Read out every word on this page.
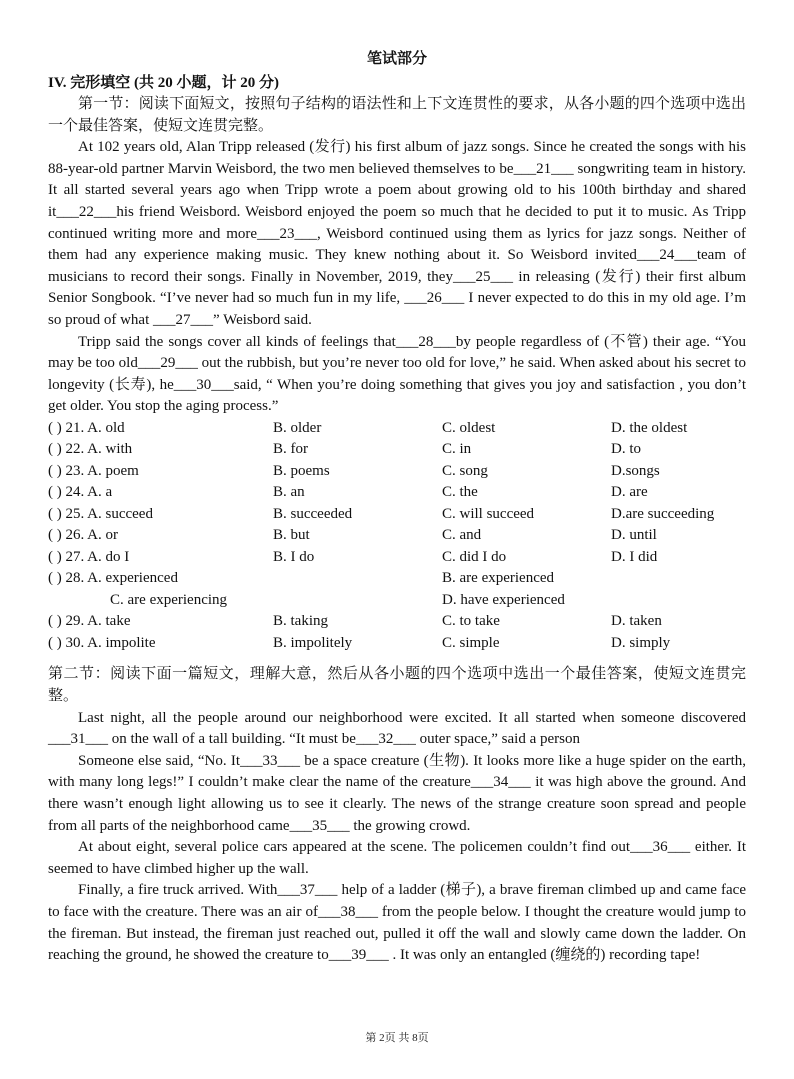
笔试部分
IV. 完形填空 (共 20 小题，计 20 分)

第一节：阅读下面短文，按照句子结构的语法性和上下文连贯性的要求，从各小题的四个选项中选出一个最佳答案，使短文连贯完整。

At 102 years old, Alan Tripp released (发行) his first album of jazz songs. Since he created the songs with his 88-year-old partner Marvin Weisbord, the two men believed themselves to be___21___ songwriting team in history. It all started several years ago when Tripp wrote a poem about growing old to his 100th birthday and shared it___22___his friend Weisbord. Weisbord enjoyed the poem so much that he decided to put it to music. As Tripp continued writing more and more___23___, Weisbord continued using them as lyrics for jazz songs. Neither of them had any experience making music. They knew nothing about it. So Weisbord invited___24___team of musicians to record their songs. Finally in November, 2019, they___25___ in releasing (发行) their first album Senior Songbook. “I’ve never had so much fun in my life, ___26___ I never expected to do this in my old age. I’m so proud of what ___27___” Weisbord said.

Tripp said the songs cover all kinds of feelings that___28___by people regardless of (不管) their age. “You may be too old___29___ out the rubbish, but you’re never too old for love,” he said. When asked about his secret to longevity (长寿), he___30___said, “ When you’re doing something that gives you joy and satisfaction , you don’t get older. You stop the aging process.”

( ) 21. A. old	B. older	C. oldest	D. the oldest
( ) 22. A. with	B. for	C. in	D. to
( ) 23. A. poem	B. poems	C. song	D.songs
( ) 24. A. a	B. an	C. the	D. are
( ) 25. A. succeed	B. succeeded	C. will succeed	D.are succeeding
( ) 26. A. or	B. but	C. and	D. until
( ) 27. A. do I	B. I do	C. did I do	D. I did
( ) 28. A. experienced	B. are experienced
C. are experiencing	D. have experienced
( ) 29. A. take	B. taking	C. to take	D. taken
( ) 30. A. impolite	B. impolitely	C. simple	D. simply

第二节：阅读下面一篇短文，理解大意，然后从各小题的四个选项中选出一个最佳答案，使短文连贯完整。

Last night, all the people around our neighborhood were excited. It all started when someone discovered ___31___ on the wall of a tall building. “It must be___32___ outer space,” said a person

Someone else said, “No. It___33___ be a space creature (生物). It looks more like a huge spider on the earth, with many long legs!” I couldn’t make clear the name of the creature___34___ it was high above the ground. And there wasn’t enough light allowing us to see it clearly. The news of the strange creature soon spread and people from all parts of the neighborhood came___35___ the growing crowd.

At about eight, several police cars appeared at the scene. The policemen couldn’t find out___36___ either. It seemed to have climbed higher up the wall.

Finally, a fire truck arrived. With___37___ help of a ladder (梯子), a brave fireman climbed up and came face to face with the creature. There was an air of___38___ from the people below. I thought the creature would jump to the fireman. But instead, the fireman just reached out, pulled it off the wall and slowly came down the ladder. On reaching the ground, he showed the creature to___39___ . It was only an entangled (缠绕的) recording tape!

第 2页 共 8页
